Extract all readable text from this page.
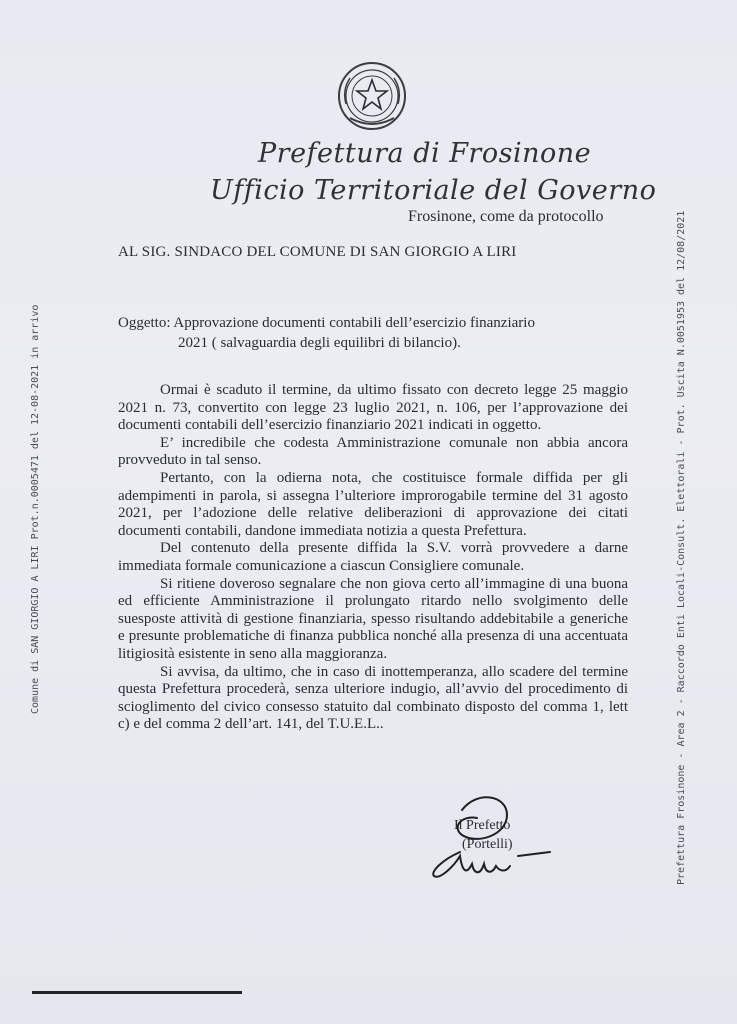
Prefettura di Frosinone
Ufficio Territoriale del Governo
Frosinone, come da protocollo
AL SIG. SINDACO DEL COMUNE DI SAN GIORGIO A LIRI
Oggetto: Approvazione documenti contabili dell’esercizio finanziario
2021 ( salvaguardia degli equilibri di bilancio).

Ormai è scaduto il termine, da ultimo fissato con decreto legge 25 maggio 2021 n. 73, convertito con legge 23 luglio 2021, n. 106, per l’approvazione dei documenti contabili dell’esercizio finanziario 2021 indicati in oggetto.

E’ incredibile che codesta Amministrazione comunale non abbia ancora provveduto in tal senso.

Pertanto, con la odierna nota, che costituisce formale diffida per gli adempimenti in parola, si assegna l’ulteriore improrogabile termine del 31 agosto 2021, per l’adozione delle relative deliberazioni di approvazione dei citati documenti contabili, dandone immediata notizia a questa Prefettura.

Del contenuto della presente diffida la S.V. vorrà provvedere a darne immediata formale comunicazione a ciascun Consigliere comunale.

Si ritiene doveroso segnalare che non giova certo all’immagine di una buona ed efficiente Amministrazione il prolungato ritardo nello svolgimento delle suesposte attività di gestione finanziaria, spesso risultando addebitabile a generiche e presunte problematiche di finanza pubblica nonché alla presenza di una accentuata litigiosità esistente in seno alla maggioranza.

Si avvisa, da ultimo, che in caso di inottemperanza, allo scadere del termine questa Prefettura procederà, senza ulteriore indugio, all’avvio del procedimento di scioglimento del civico consesso statuito dal combinato disposto del comma 1, lett c) e del comma 2 dell’art. 141, del T.U.E.L..

Il Prefetto
(Portelli)
Comune di SAN GIORGIO A LIRI Prot.n.0005471 del 12-08-2021 in arrivo	Prefettura Frosinone - Area 2 - Raccordo Enti Locali-Consult. Elettorali - Prot. Uscita N.0051953 del 12/08/2021
